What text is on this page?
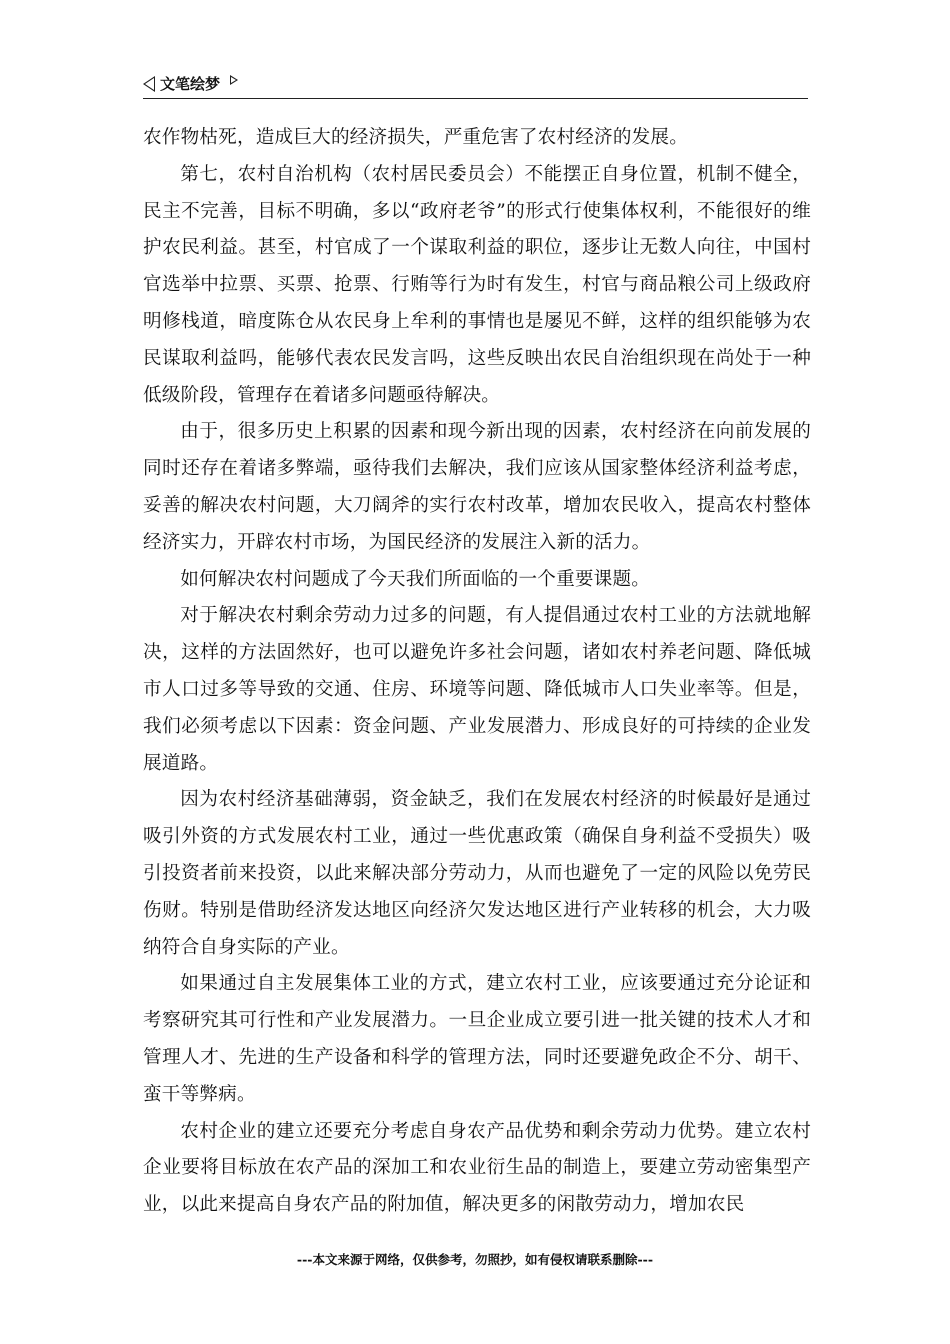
文笔绘梦

农作物枯死，造成巨大的经济损失，严重危害了农村经济的发展。

第七，农村自治机构（农村居民委员会）不能摆正自身位置，机制不健全，民主不完善，目标不明确，多以“政府老爷”的形式行使集体权利，不能很好的维护农民利益。甚至，村官成了一个谋取利益的职位，逐步让无数人向往，中国村官选举中拉票、买票、抢票、行贿等行为时有发生，村官与商品粮公司上级政府明修栈道，暗度陈仓从农民身上牟利的事情也是屡见不鲜，这样的组织能够为农民谋取利益吗，能够代表农民发言吗，这些反映出农民自治组织现在尚处于一种低级阶段，管理存在着诸多问题亟待解决。

由于，很多历史上积累的因素和现今新出现的因素，农村经济在向前发展的同时还存在着诸多弊端，亟待我们去解决，我们应该从国家整体经济利益考虑，妥善的解决农村问题，大刀阔斧的实行农村改革，增加农民收入，提高农村整体经济实力，开辟农村市场，为国民经济的发展注入新的活力。

如何解决农村问题成了今天我们所面临的一个重要课题。

对于解决农村剩余劳动力过多的问题，有人提倡通过农村工业的方法就地解决，这样的方法固然好，也可以避免许多社会问题，诸如农村养老问题、降低城市人口过多等导致的交通、住房、环境等问题、降低城市人口失业率等。但是，我们必须考虑以下因素：资金问题、产业发展潜力、形成良好的可持续的企业发展道路。

因为农村经济基础薄弱，资金缺乏，我们在发展农村经济的时候最好是通过吸引外资的方式发展农村工业，通过一些优惠政策（确保自身利益不受损失）吸引投资者前来投资，以此来解决部分劳动力，从而也避免了一定的风险以免劳民伤财。特别是借助经济发达地区向经济欠发达地区进行产业转移的机会，大力吸纳符合自身实际的产业。

如果通过自主发展集体工业的方式，建立农村工业，应该要通过充分论证和考察研究其可行性和产业发展潜力。一旦企业成立要引进一批关键的技术人才和管理人才、先进的生产设备和科学的管理方法，同时还要避免政企不分、胡干、蛮干等弊病。

农村企业的建立还要充分考虑自身农产品优势和剩余劳动力优势。建立农村企业要将目标放在农产品的深加工和农业衍生品的制造上，要建立劳动密集型产业，以此来提高自身农产品的附加值，解决更多的闲散劳动力，增加农民

---本文来源于网络，仅供参考，勿照抄，如有侵权请联系删除---
